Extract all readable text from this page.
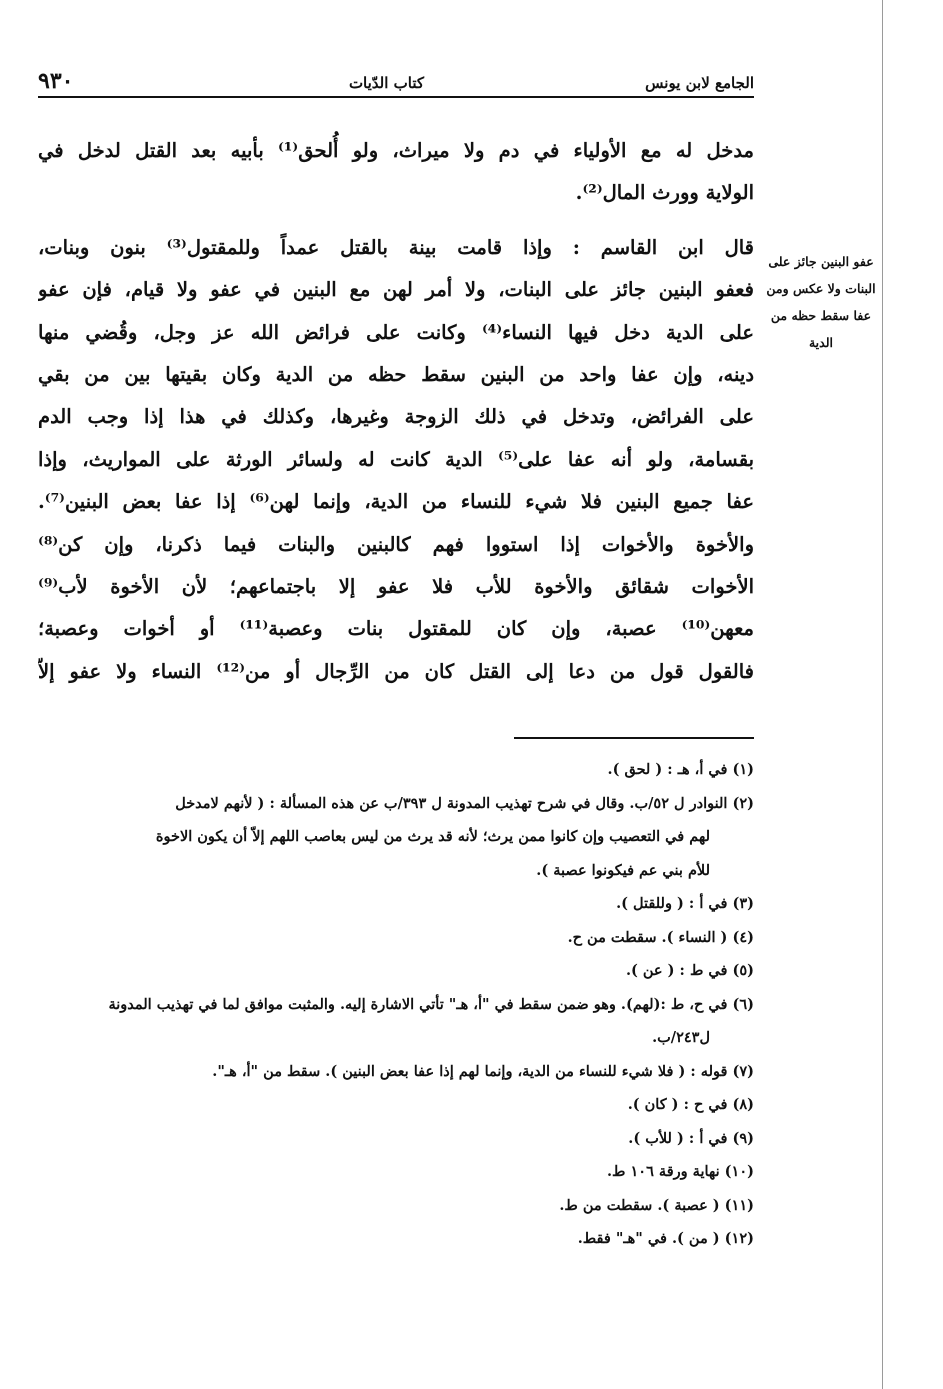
الجامع لابن يونس
كتاب الدّيات
٩٣٠
عفو البنين جائز على البنات ولا عكس ومن عفا سقط حظه من الدية
مدخل له مع الأولياء في دم ولا ميراث، ولو أُلحق⁽¹⁾ بأبيه بعد القتل لدخل في
الولاية وورث المال⁽²⁾.
قال ابن القاسم : وإذا قامت بينة بالقتل عمداً وللمقتول⁽³⁾ بنون وبنات،
فعفو البنين جائز على البنات، ولا أمر لهن مع البنين في عفو ولا قيام، فإن عفو
على الدية دخل فيها النساء⁽⁴⁾ وكانت على فرائض الله عز وجل، وقُضي منها
دينه، وإن عفا واحد من البنين سقط حظه من الدية وكان بقيتها بين من بقي
على الفرائض، وتدخل في ذلك الزوجة وغيرها، وكذلك في هذا إذا وجب الدم
بقسامة، ولو أنه عفا على⁽⁵⁾ الدية كانت له ولسائر الورثة على المواريث، وإذا
عفا جميع البنين فلا شيء للنساء من الدية، وإنما لهن⁽⁶⁾ إذا عفا بعض البنين⁽⁷⁾.
والأخوة والأخوات إذا استووا فهم كالبنين والبنات فيما ذكرنا، وإن كن⁽⁸⁾
الأخوات شقائق والأخوة للأب فلا عفو إلا باجتماعهم؛ لأن الأخوة لأب⁽⁹⁾
معهن⁽¹⁰⁾ عصبة، وإن كان للمقتول بنات وعصبة⁽¹¹⁾ أو أخوات وعصبة؛
فالقول قول من دعا إلى القتل كان من الرِّجال أو من⁽¹²⁾ النساء ولا عفو إلاّ
(١) في أ، هـ : ( لحق ).
(٢) النوادر ل ٥٢/ب. وقال في شرح تهذيب المدونة ل ٣٩٣/ب عن هذه المسألة : ( لأنهم لامدخل
لهم في التعصيب وإن كانوا ممن يرث؛ لأنه قد يرث من ليس بعاصب اللهم إلاّ أن يكون الاخوة
للأم بني عم فيكونوا عصبة ).
(٣) في أ : ( وللقتل ).
(٤) ( النساء ). سقطت من ح.
(٥) في ط : ( عن ).
(٦) في ح، ط :(لهم). وهو ضمن سقط في "أ، هـ" تأتي الاشارة إليه. والمثبت موافق لما في تهذيب المدونة
ل٢٤٣/ب.
(٧) قوله : ( فلا شيء للنساء من الدية، وإنما لهم إذا عفا بعض البنين ). سقط من "أ، هـ".
(٨) في ح : ( كان ).
(٩) في أ : ( للأب ).
(١٠) نهاية ورقة ١٠٦ ط.
(١١) ( عصبة ). سقطت من ط.
(١٢) ( من ). في "هـ" فقط.
